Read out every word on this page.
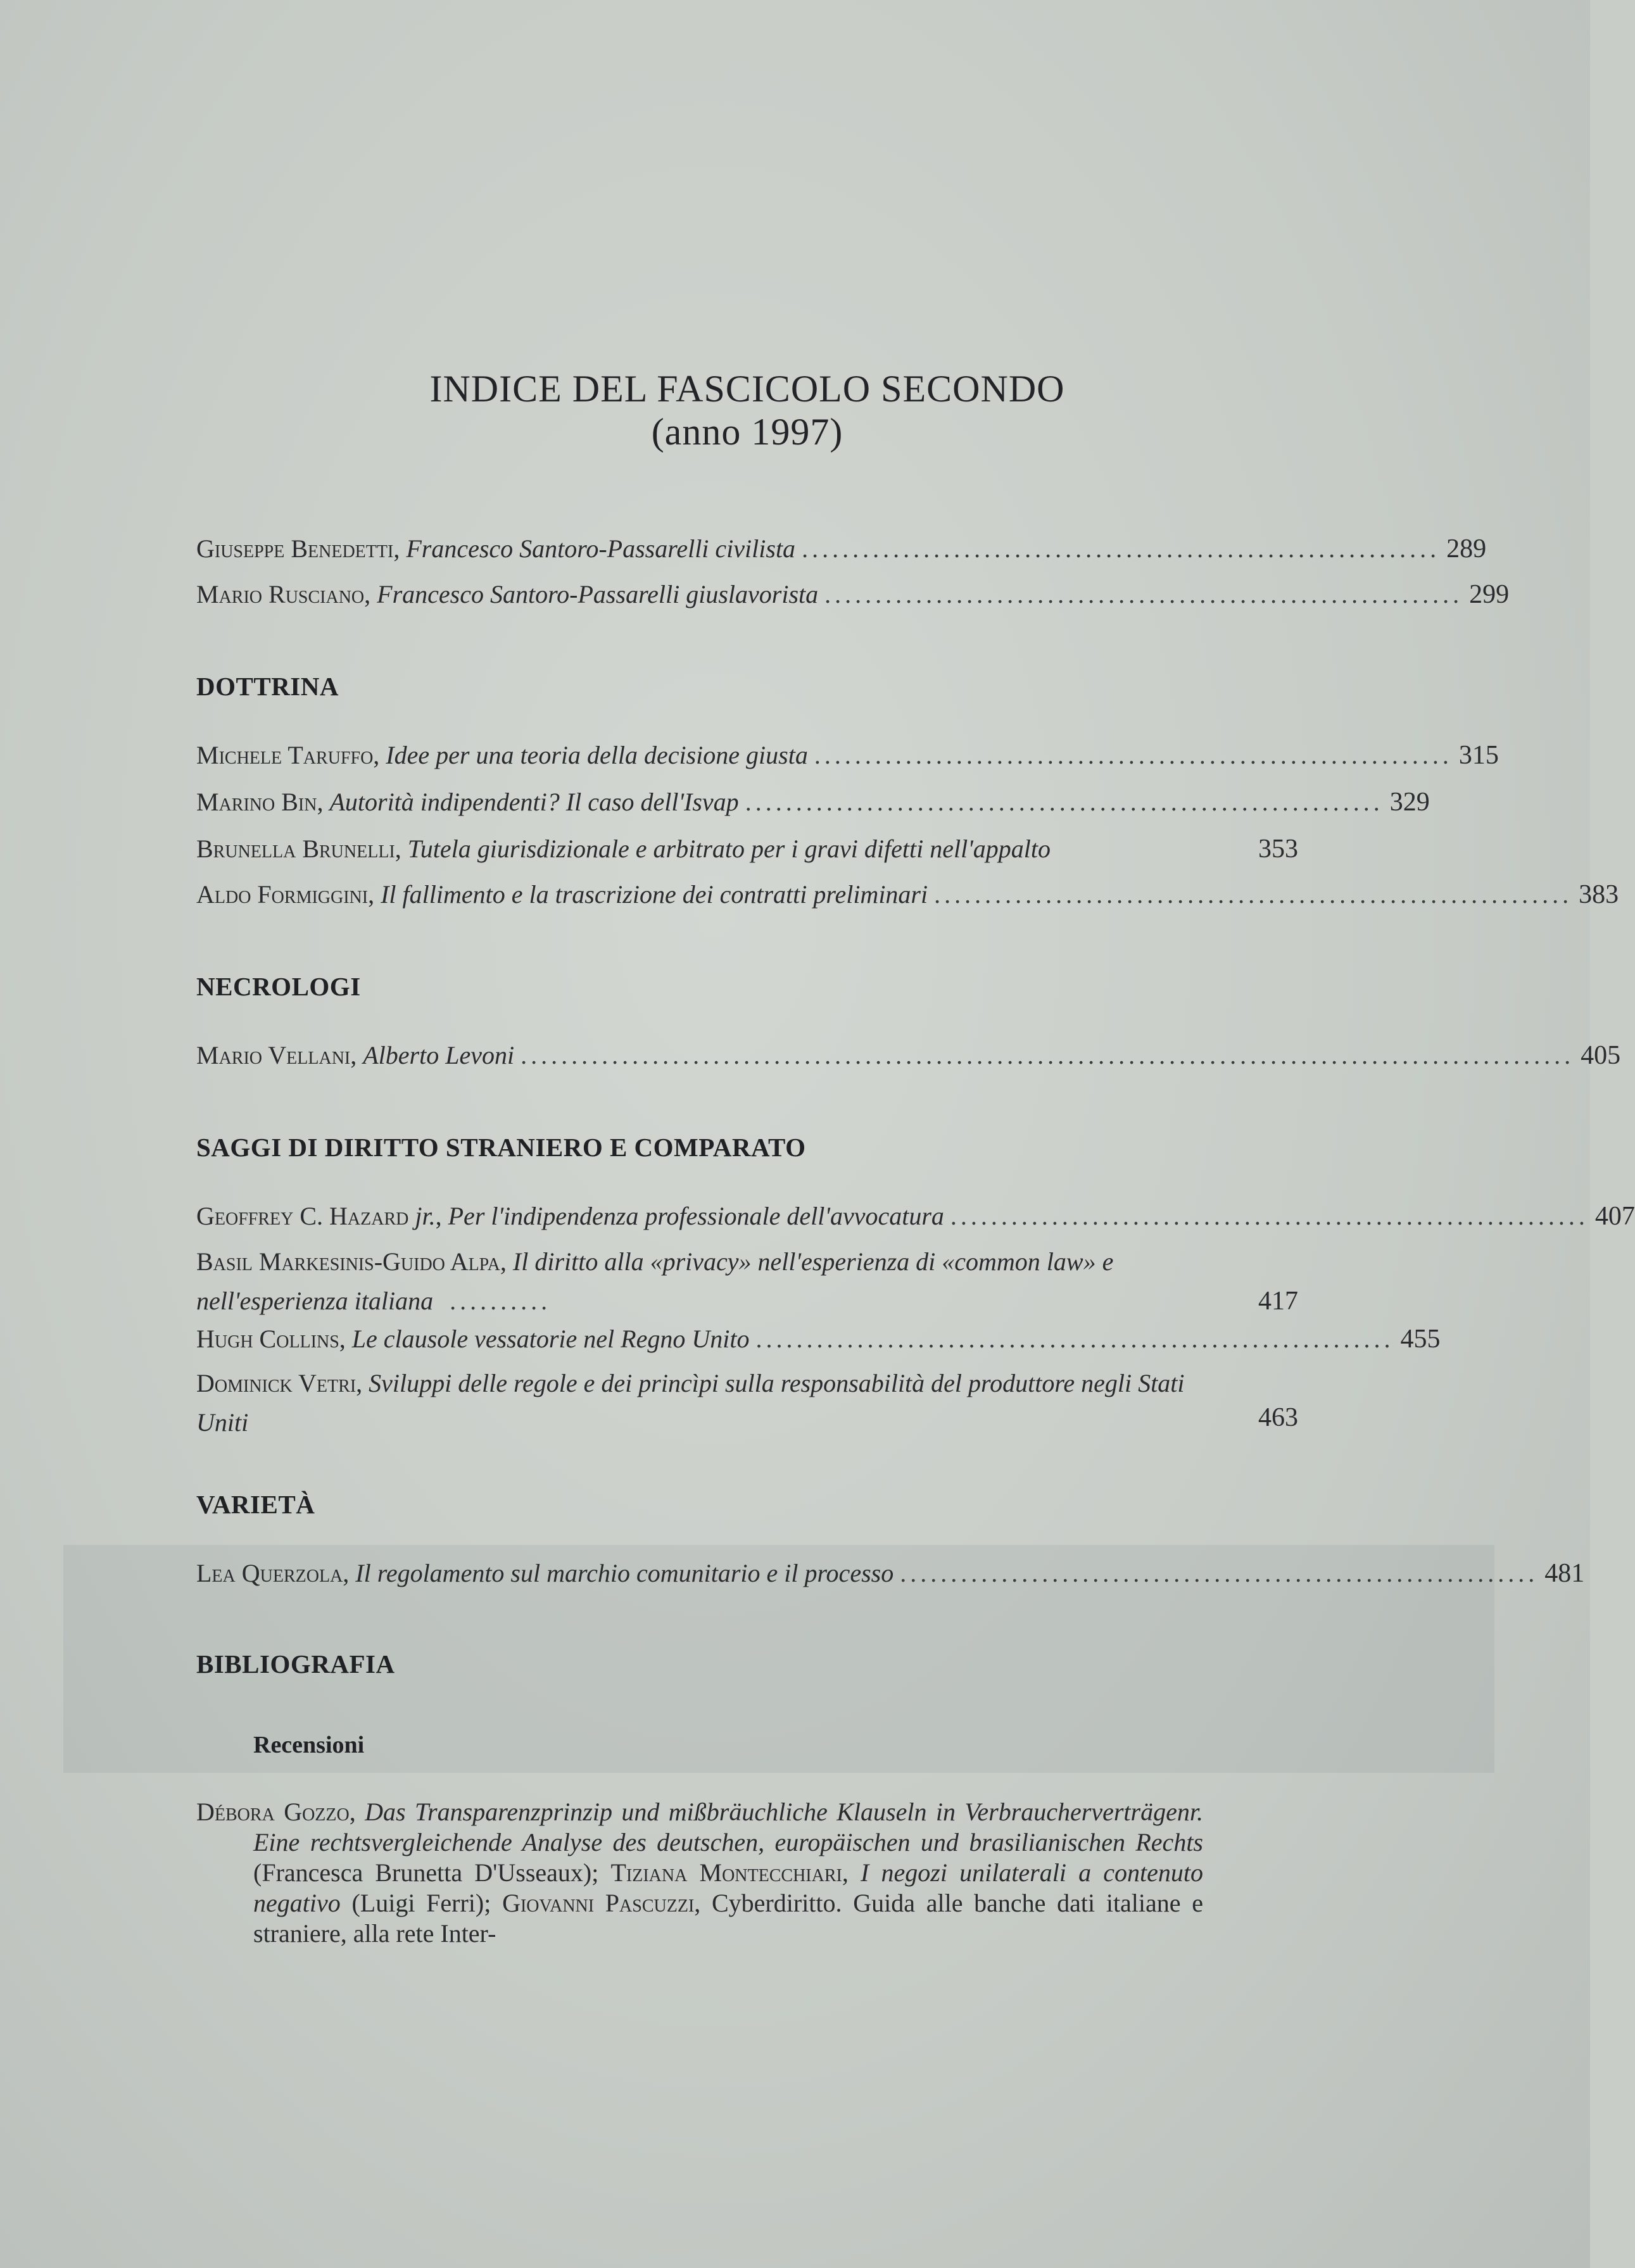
INDICE DEL FASCICOLO SECONDO
(anno 1997)
Giuseppe Benedetti, Francesco Santoro-Passarelli civilista ............................................................... 289
Mario Rusciano, Francesco Santoro-Passarelli giuslavorista ............................................................... 299
DOTTRINA
Michele Taruffo, Idee per una teoria della decisione giusta ............................................................... 315
Marino Bin, Autorità indipendenti? Il caso dell'Isvap ............................................................... 329
Brunella Brunelli, Tutela giurisdizionale e arbitrato per i gravi difetti nell'appalto	353
Aldo Formiggini, Il fallimento e la trascrizione dei contratti preliminari ............................................................... 383
NECROLOGI
Mario Vellani, Alberto Levoni ........................................................................................................ 405
SAGGI DI DIRITTO STRANIERO E COMPARATO
Geoffrey C. Hazard jr., Per l'indipendenza professionale dell'avvocatura ............................................................... 407
Basil Markesinis-Guido Alpa, Il diritto alla «privacy» nell'esperienza di «common law» e nell'esperienza italiana ..........	417
Hugh Collins, Le clausole vessatorie nel Regno Unito ............................................................... 455
Dominick Vetri, Sviluppi delle regole e dei princìpi sulla responsabilità del produttore negli Stati Uniti	463
VARIETÀ
Lea Querzola, Il regolamento sul marchio comunitario e il processo ............................................................... 481
BIBLIOGRAFIA
Recensioni
Débora Gozzo, Das Transparenzprinzip und mißbräuchliche Klauseln in Verbraucherverträgenr. Eine rechtsvergleichende Analyse des deutschen, europäischen und brasilianischen Rechts (Francesca Brunetta D'Usseaux); Tiziana Montecchiari, I negozi unilaterali a contenuto negativo (Luigi Ferri); Giovanni Pascuzzi, Cyberdiritto. Guida alle banche dati italiane e straniere, alla rete Inter-
